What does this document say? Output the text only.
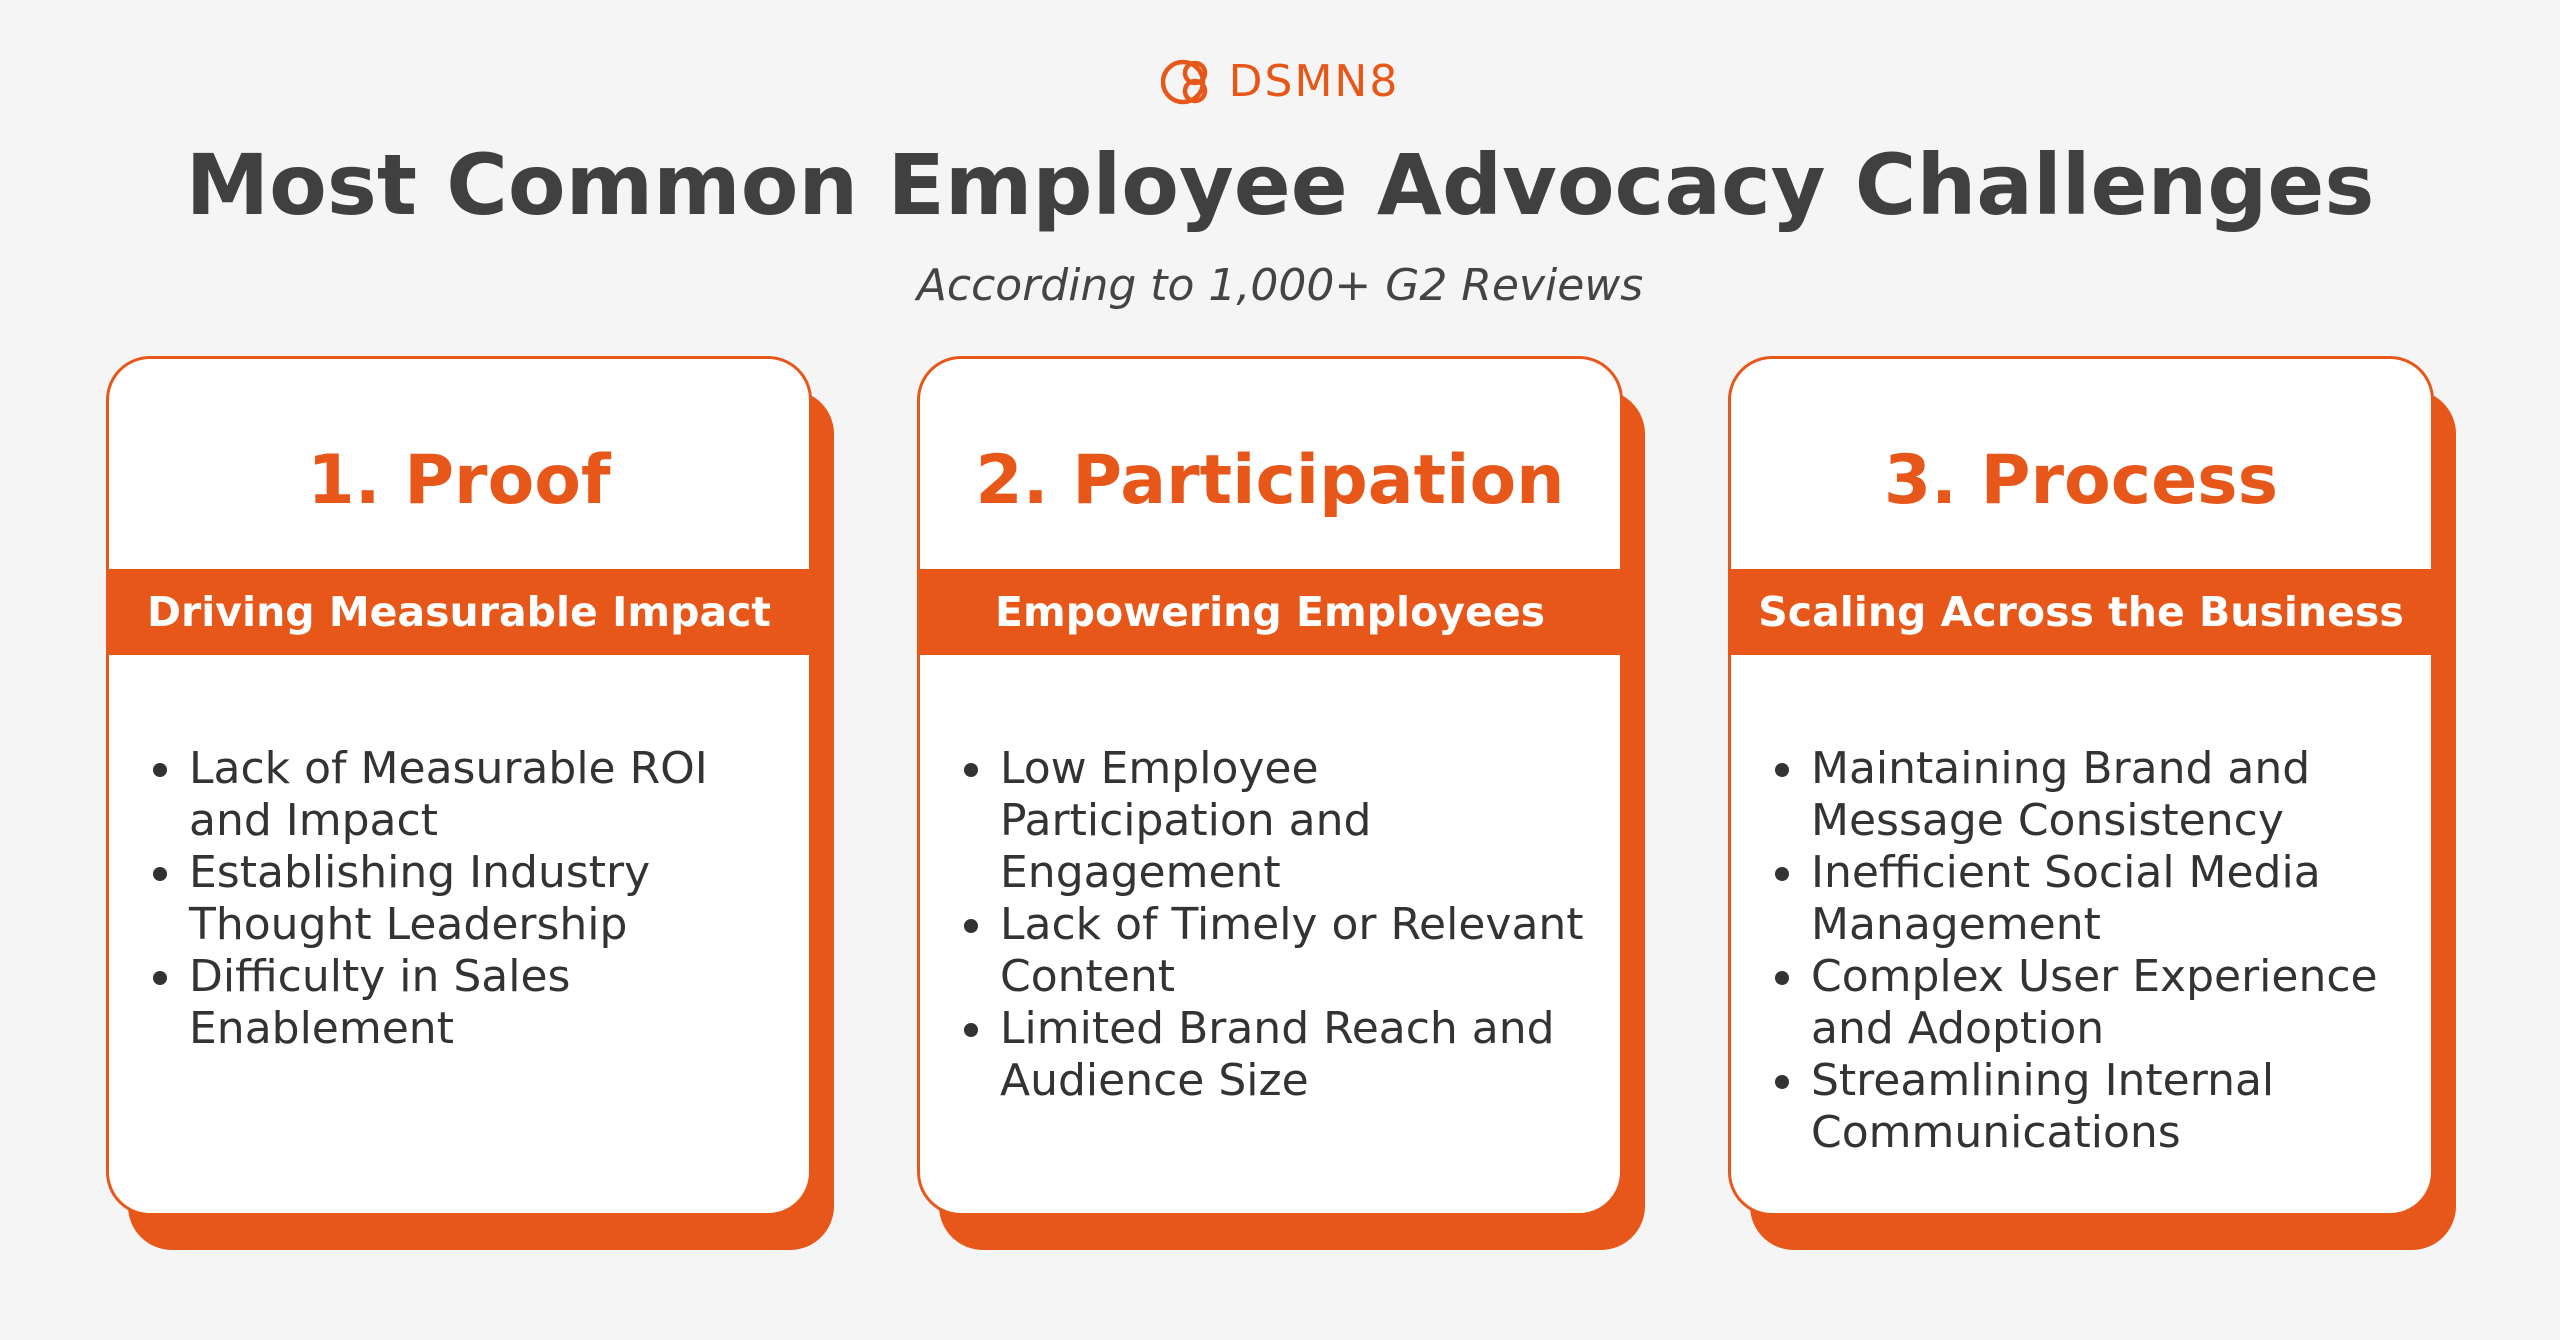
DSMN8
Most Common Employee Advocacy Challenges
According to 1,000+ G2 Reviews
1. Proof
Driving Measurable Impact
Lack of Measurable ROI and Impact
Establishing Industry Thought Leadership
Difficulty in Sales Enablement
2. Participation
Empowering Employees
Low Employee Participation and Engagement
Lack of Timely or Relevant Content
Limited Brand Reach and Audience Size
3. Process
Scaling Across the Business
Maintaining Brand and Message Consistency
Inefficient Social Media Management
Complex User Experience and Adoption
Streamlining Internal Communications
